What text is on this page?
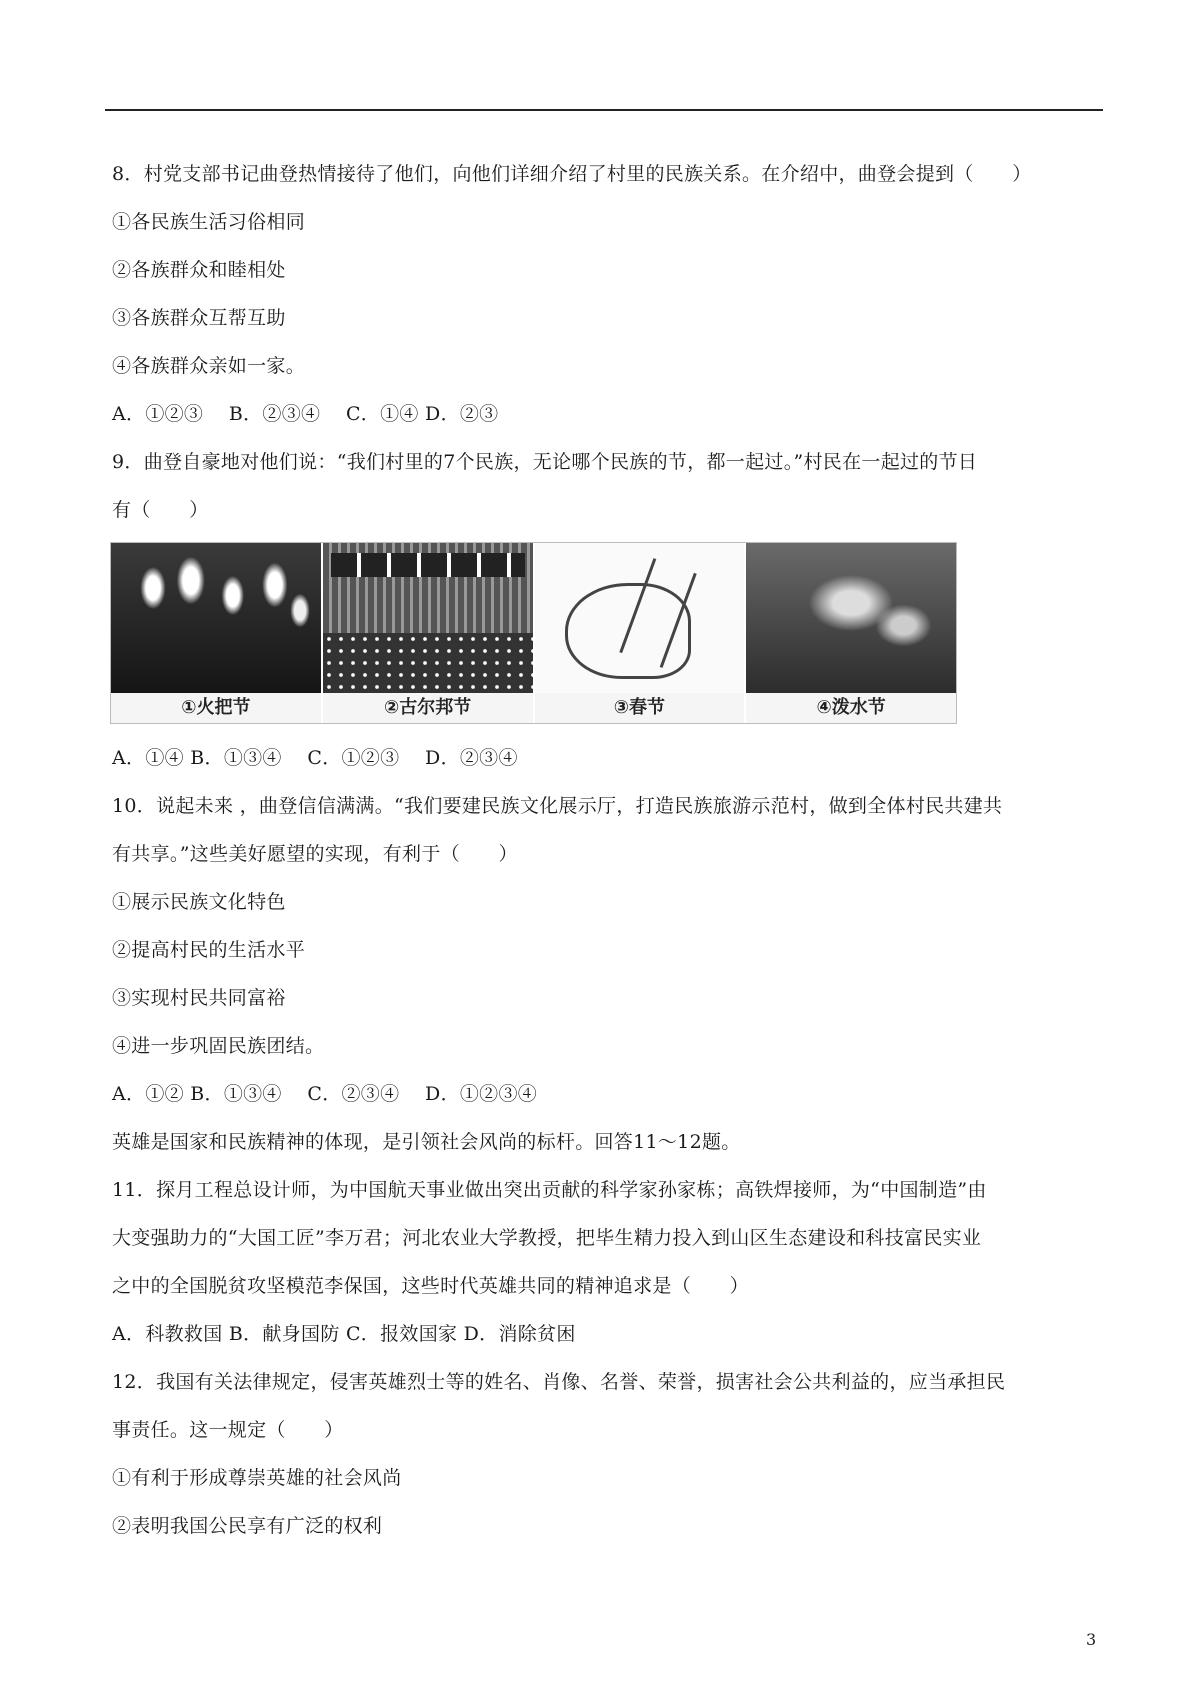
8．村党支部书记曲登热情接待了他们，向他们详细介绍了村里的民族关系。在介绍中，曲登会提到（　　）
①各民族生活习俗相同
②各族群众和睦相处
③各族群众互帮互助
④各族群众亲如一家。
A．①②③　 B．②③④　 C．①④ D．②③
9．曲登自豪地对他们说：“我们村里的7个民族，无论哪个民族的节，都一起过。”村民在一起过的节日
有（　　）
①火把节	②古尔邦节	③春节	④泼水节
A．①④ B．①③④　 C．①②③　 D．②③④
10．说起未来 ，曲登信信满满。“我们要建民族文化展示厅，打造民族旅游示范村，做到全体村民共建共
有共享。”这些美好愿望的实现，有利于（　　）
①展示民族文化特色
②提高村民的生活水平
③实现村民共同富裕
④进一步巩固民族团结。
A．①② B．①③④　 C．②③④　 D．①②③④
英雄是国家和民族精神的体现，是引领社会风尚的标杆。回答11～12题。
11．探月工程总设计师，为中国航天事业做出突出贡献的科学家孙家栋；高铁焊接师，为“中国制造”由
大变强助力的“大国工匠”李万君；河北农业大学教授，把毕生精力投入到山区生态建设和科技富民实业
之中的全国脱贫攻坚模范李保国，这些时代英雄共同的精神追求是（　　）
A．科教救国 B．献身国防 C．报效国家 D．消除贫困
12．我国有关法律规定，侵害英雄烈士等的姓名、肖像、名誉、荣誉，损害社会公共利益的，应当承担民
事责任。这一规定（　　）
①有利于形成尊崇英雄的社会风尚
②表明我国公民享有广泛的权利
3
